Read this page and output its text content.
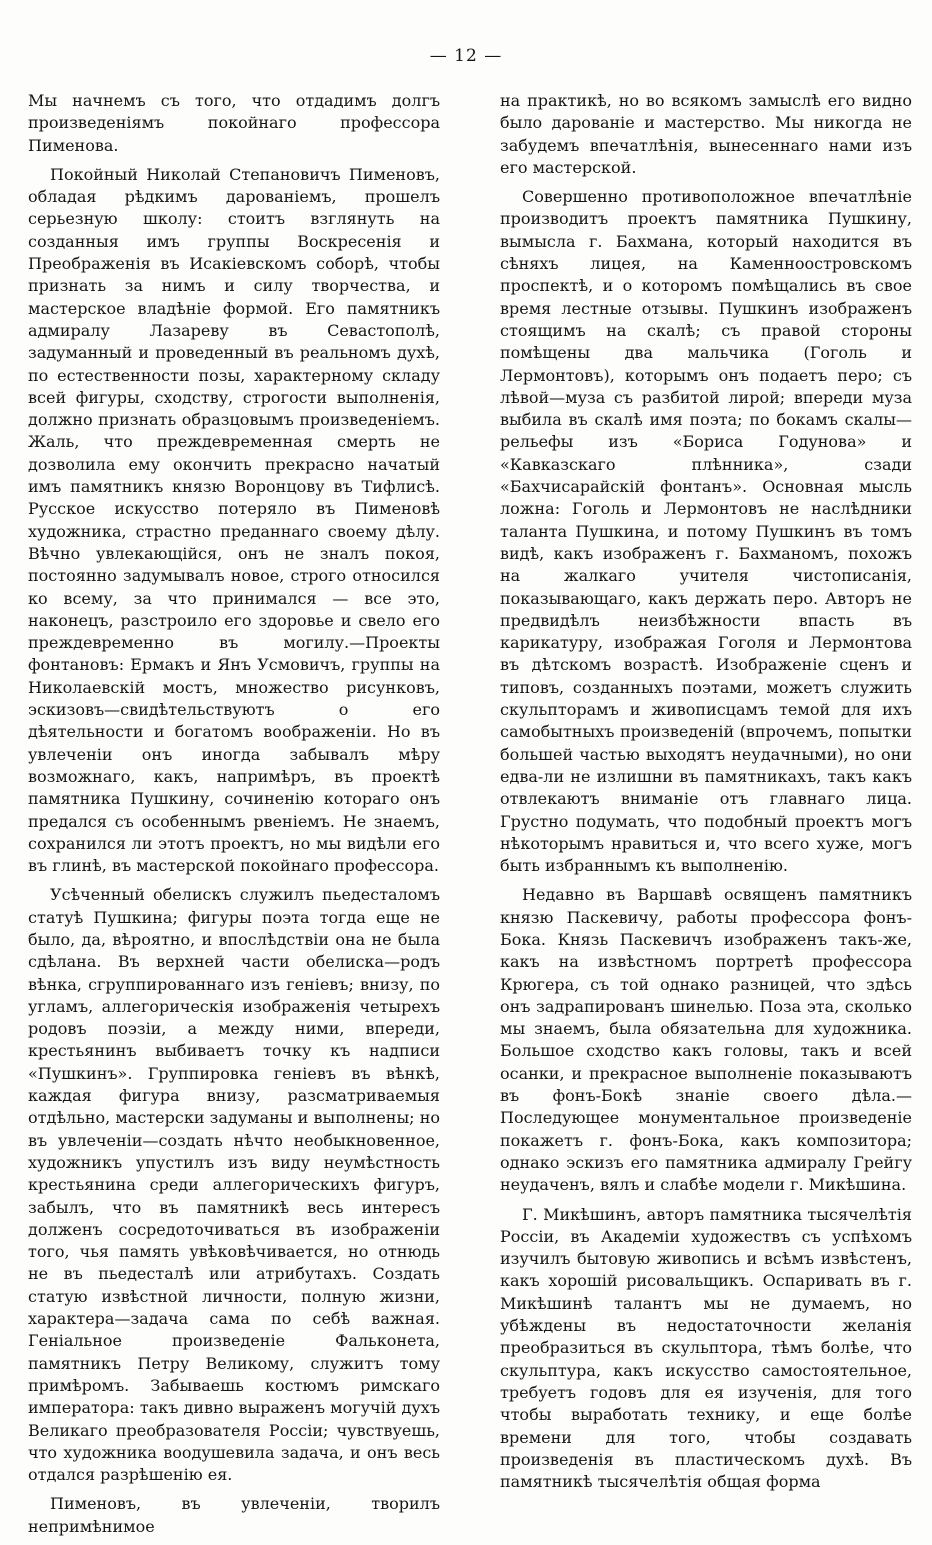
— 12 —

Мы начнемъ съ того, что отдадимъ долгъ произведеніямъ покойнаго профессора Пименова.

Покойный Николай Степановичъ Пименовъ, обладая рѣдкимъ дарованіемъ, прошелъ серьезную школу: стоитъ взглянуть на созданныя имъ группы Воскресенія и Преображенія въ Исакіевскомъ соборѣ, чтобы признать за нимъ и силу творчества, и мастерское владѣніе формой. Его памятникъ адмиралу Лазареву въ Севастополѣ, задуманный и проведенный въ реальномъ духѣ, по естественности позы, характерному складу всей фигуры, сходству, строгости выполненія, должно признать образцовымъ произведеніемъ. Жаль, что преждевременная смерть не дозволила ему окончить прекрасно начатый имъ памятникъ князю Воронцову въ Тифлисѣ. Русское искусство потеряло въ Пименовѣ художника, страстно преданнаго своему дѣлу. Вѣчно увлекающійся, онъ не зналъ покоя, постоянно задумывалъ новое, строго относился ко всему, за что принимался — все это, наконецъ, разстроило его здоровье и свело его преждевременно въ могилу.—Проекты фонтановъ: Ермакъ и Янъ Усмовичъ, группы на Николаевскій мостъ, множество рисунковъ, эскизовъ—свидѣтельствуютъ о его дѣятельности и богатомъ воображеніи. Но въ увлеченіи онъ иногда забывалъ мѣру возможнаго, какъ, напримѣръ, въ проектѣ памятника Пушкину, сочиненію котораго онъ предался съ особеннымъ рвеніемъ. Не знаемъ, сохранился ли этотъ проектъ, но мы видѣли его въ глинѣ, въ мастерской покойнаго профессора.

Усѣченный обелискъ служилъ пьедесталомъ статуѣ Пушкина; фигуры поэта тогда еще не было, да, вѣроятно, и впослѣдствіи она не была сдѣлана. Въ верхней части обелиска—родъ вѣнка, сгруппированнаго изъ геніевъ; внизу, по угламъ, аллегорическія изображенія четырехъ родовъ поэзіи, а между ними, впереди, крестьянинъ выбиваетъ точку къ надписи «Пушкинъ». Группировка геніевъ въ вѣнкѣ, каждая фигура внизу, разсматриваемыя отдѣльно, мастерски задуманы и выполнены; но въ увлеченіи—создать нѣчто необыкновенное, художникъ упустилъ изъ виду неумѣстность крестьянина среди аллегорическихъ фигуръ, забылъ, что въ памятникѣ весь интересъ долженъ сосредоточиваться въ изображеніи того, чья память увѣковѣчивается, но отнюдь не въ пьедесталѣ или атрибутахъ. Создать статую извѣстной личности, полную жизни, характера—задача сама по себѣ важная. Геніальное произведеніе Фальконета, памятникъ Петру Великому, служитъ тому примѣромъ. Забываешь костюмъ римскаго императора: такъ дивно выраженъ могучій духъ Великаго преобразователя Россіи; чувствуешь, что художника воодушевила задача, и онъ весь отдался разрѣшенію ея.

Пименовъ, въ увлеченіи, творилъ непримѣнимое

на практикѣ, но во всякомъ замыслѣ его видно было дарованіе и мастерство. Мы никогда не забудемъ впечатлѣнія, вынесеннаго нами изъ его мастерской.

Совершенно противоположное впечатлѣніе производитъ проектъ памятника Пушкину, вымысла г. Бахмана, который находится въ сѣняхъ лицея, на Каменноостровскомъ проспектѣ, и о которомъ помѣщались въ свое время лестные отзывы. Пушкинъ изображенъ стоящимъ на скалѣ; съ правой стороны помѣщены два мальчика (Гоголь и Лермонтовъ), которымъ онъ подаетъ перо; съ лѣвой—муза съ разбитой лирой; впереди муза выбила въ скалѣ имя поэта; по бокамъ скалы—рельефы изъ «Бориса Годунова» и «Кавказскаго плѣнника», сзади «Бахчисарайскій фонтанъ». Основная мысль ложна: Гоголь и Лермонтовъ не наслѣдники таланта Пушкина, и потому Пушкинъ въ томъ видѣ, какъ изображенъ г. Бахманомъ, похожъ на жалкаго учителя чистописанія, показывающаго, какъ держать перо. Авторъ не предвидѣлъ неизбѣжности впасть въ карикатуру, изображая Гоголя и Лермонтова въ дѣтскомъ возрастѣ. Изображеніе сценъ и типовъ, созданныхъ поэтами, можетъ служить скульпторамъ и живописцамъ темой для ихъ самобытныхъ произведеній (впрочемъ, попытки большей частью выходятъ неудачными), но они едва-ли не излишни въ памятникахъ, такъ какъ отвлекаютъ вниманіе отъ главнаго лица. Грустно подумать, что подобный проектъ могъ нѣкоторымъ нравиться и, что всего хуже, могъ быть избраннымъ къ выполненію.

Недавно въ Варшавѣ освященъ памятникъ князю Паскевичу, работы профессора фонъ-Бока. Князь Паскевичъ изображенъ такъ-же, какъ на извѣстномъ портретѣ профессора Крюгера, съ той однако разницей, что здѣсь онъ задрапированъ шинелью. Поза эта, сколько мы знаемъ, была обязательна для художника. Большое сходство какъ головы, такъ и всей осанки, и прекрасное выполненіе показываютъ въ фонъ-Бокѣ знаніе своего дѣла.—Последующее монументальное произведеніе покажетъ г. фонъ-Бока, какъ композитора; однако эскизъ его памятника адмиралу Грейгу неудаченъ, вялъ и слабѣе модели г. Микѣшина.

Г. Микѣшинъ, авторъ памятника тысячелѣтія Россіи, въ Академіи художествъ съ успѣхомъ изучилъ бытовую живопись и всѣмъ извѣстенъ, какъ хорошій рисовальщикъ. Оспаривать въ г. Микѣшинѣ талантъ мы не думаемъ, но убѣждены въ недостаточности желанія преобразиться въ скульптора, тѣмъ болѣе, что скульптура, какъ искусство самостоятельное, требуетъ годовъ для ея изученія, для того чтобы выработать технику, и еще болѣе времени для того, чтобы создавать произведенія въ пластическомъ духѣ. Въ памятникѣ тысячелѣтія общая форма
